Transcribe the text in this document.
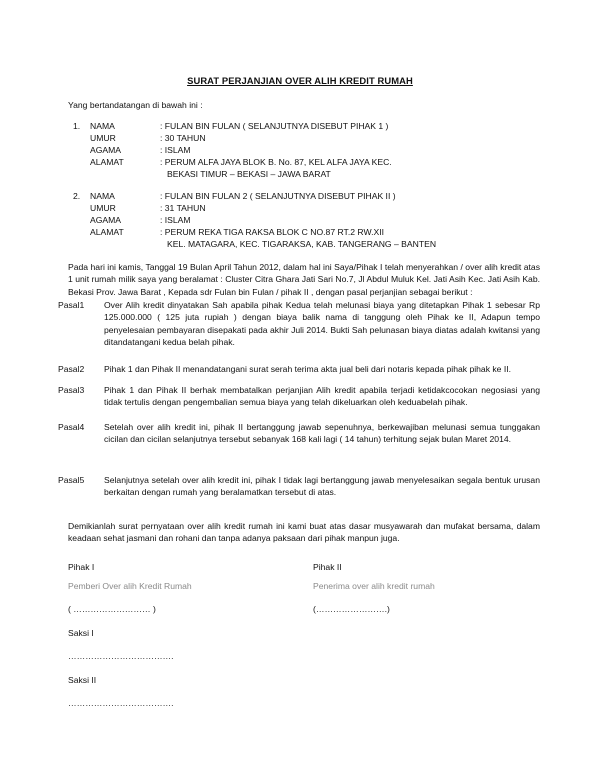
SURAT PERJANJIAN OVER ALIH KREDIT RUMAH
Yang bertandatangan di bawah ini :
1. NAMA	: FULAN BIN FULAN ( SELANJUTNYA DISEBUT PIHAK 1 )
UMUR	: 30 TAHUN
AGAMA	: ISLAM
ALAMAT	: PERUM ALFA JAYA BLOK B. No. 87, KEL ALFA JAYA KEC.
BEKASI TIMUR – BEKASI – JAWA BARAT
2. NAMA	: FULAN BIN FULAN 2 ( SELANJUTNYA DISEBUT PIHAK II )
UMUR	: 31 TAHUN
AGAMA	: ISLAM
ALAMAT	: PERUM REKA TIGA RAKSA BLOK C NO.87 RT.2 RW.XII
KEL. MATAGARA, KEC. TIGARAKSA, KAB. TANGERANG – BANTEN
Pada hari ini kamis, Tanggal 19 Bulan April Tahun 2012, dalam hal ini Saya/Pihak I telah menyerahkan / over alih kredit atas 1 unit rumah milik saya yang beralamat : Cluster Citra Ghara Jati Sari No.7, Jl Abdul Muluk Kel. Jati Asih Kec. Jati Asih Kab. Bekasi Prov. Jawa Barat , Kepada sdr Fulan bin Fulan / pihak II , dengan pasal perjanjian sebagai berikut :
Pasal1	Over Alih kredit dinyatakan Sah apabila pihak Kedua telah melunasi biaya yang ditetapkan Pihak 1 sebesar Rp 125.000.000 ( 125 juta rupiah ) dengan biaya balik nama di tanggung oleh Pihak ke II, Adapun tempo penyelesaian pembayaran disepakati pada akhir Juli 2014. Bukti Sah pelunasan biaya diatas adalah kwitansi yang ditandatangani kedua belah pihak.
Pasal2	Pihak 1 dan Pihak II menandatangani surat serah terima akta jual beli dari notaris kepada pihak pihak ke II.
Pasal3	Pihak 1 dan Pihak II berhak membatalkan perjanjian Alih kredit apabila terjadi ketidakcocokan negosiasi yang tidak tertulis dengan pengembalian semua biaya yang telah dikeluarkan oleh keduabelah pihak.
Pasal4	Setelah over alih kredit ini, pihak II bertanggung jawab sepenuhnya, berkewajiban melunasi semua tunggakan cicilan dan cicilan selanjutnya tersebut sebanyak 168 kali lagi ( 14 tahun) terhitung sejak bulan Maret 2014.
Pasal5	Selanjutnya setelah over alih kredit ini, pihak I tidak lagi bertanggung jawab menyelesaikan segala bentuk urusan berkaitan dengan rumah yang beralamatkan tersebut di atas.
Demikianlah surat pernyataan over alih kredit rumah ini kami buat atas dasar musyawarah dan mufakat bersama, dalam keadaan sehat jasmani dan rohani dan tanpa adanya paksaan dari pihak manpun juga.
Pihak I	Pihak II
Pemberi Over alih Kredit Rumah	Penerima over alih kredit rumah
( ……………………… )	(…………………….)
Saksi I
……………………………….
Saksi II
……………………………….
